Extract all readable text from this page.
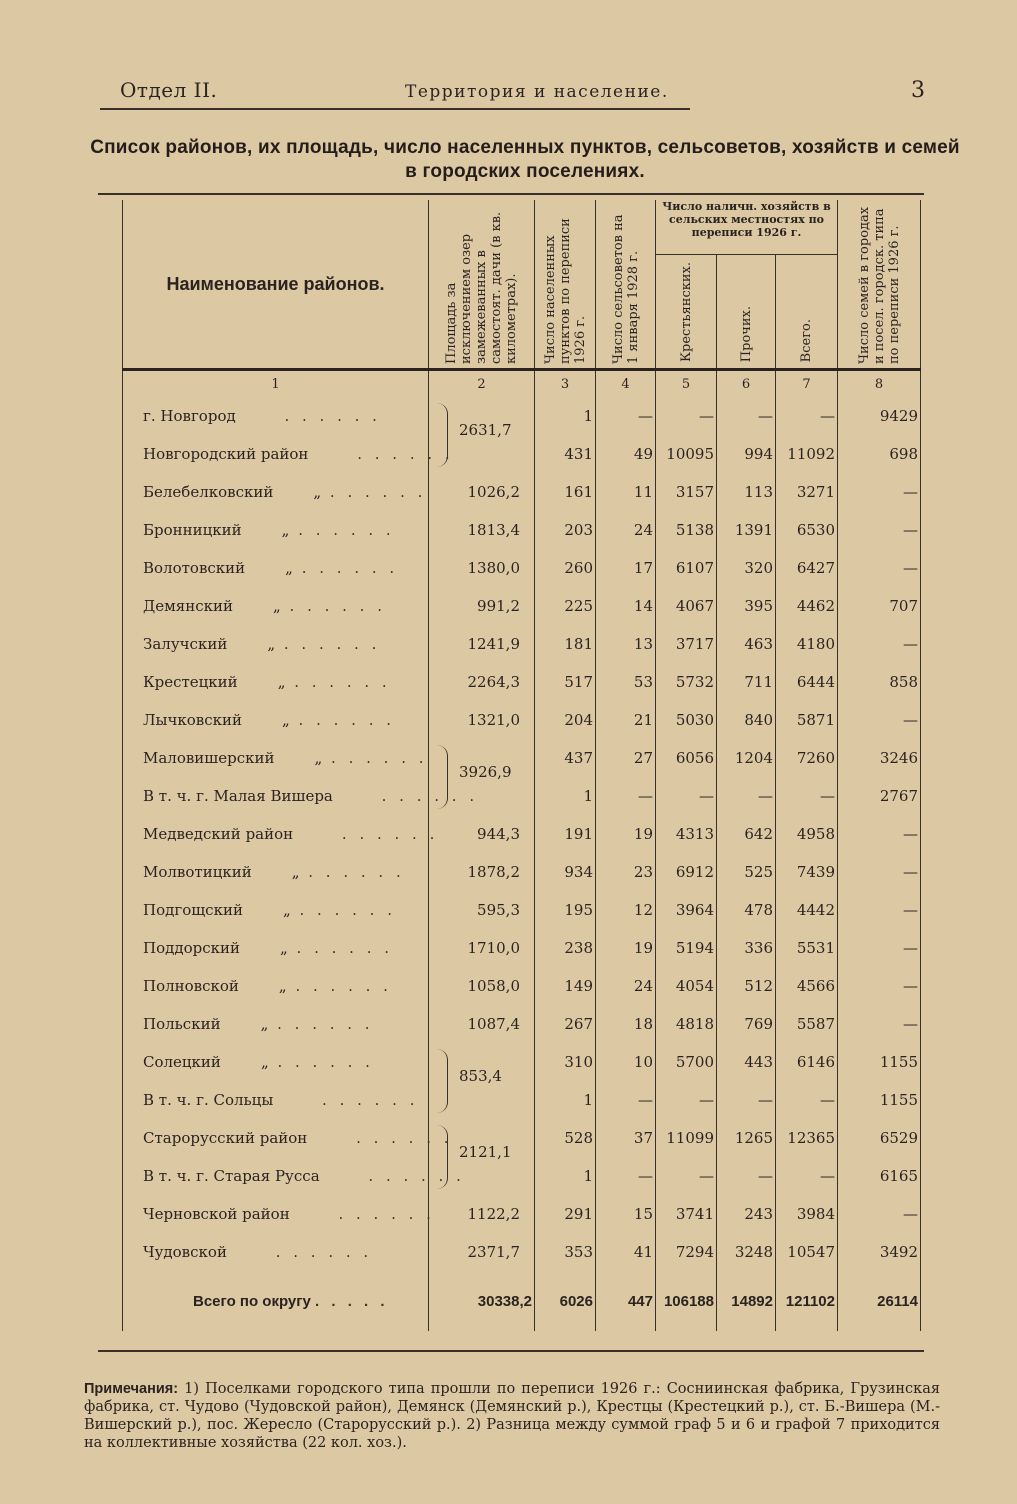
Отдел II.	Территория и население.	3
Список районов, их площадь, число населенных пунктов, сельсоветов, хозяйств и семей в городских поселениях.
Наименование районов.	Площадь за исключением озер замежеванных в самостоят. дачи (в кв. километрах).	Число населенных пунктов по переписи 1926 г.	Число сельсоветов на 1 января 1928 г.	Число наличн. хозяйств в сельских местностях по переписи 1926 г.			Число семей в городах и посел. городск. типа по переписи 1926 г.

				Крестьянских.	Прочих.	Всего.	

1	2	3	4	5	6	7	8
г. Новгород . . . . . .	2631,7	1	—	—	—	—	9429
Новгородский район . . . . . .		431	49	10095	994	11092	698
Белебелковский „ . . . . . .	1026,2	161	11	3157	113	3271	—
Бронницкий „ . . . . . .	1813,4	203	24	5138	1391	6530	—
Волотовский „ . . . . . .	1380,0	260	17	6107	320	6427	—
Демянский „ . . . . . .	991,2	225	14	4067	395	4462	707
Залучский „ . . . . . .	1241,9	181	13	3717	463	4180	—
Крестецкий „ . . . . . .	2264,3	517	53	5732	711	6444	858
Лычковский „ . . . . . .	1321,0	204	21	5030	840	5871	—
Маловишерский „ . . . . . .	3926,9	437	27	6056	1204	7260	3246
В т. ч. г. Малая Вишера . . . . . .		1	—	—	—	—	2767
Медведский район . . . . . .	944,3	191	19	4313	642	4958	—
Молвотицкий „ . . . . . .	1878,2	934	23	6912	525	7439	—
Подгощский „ . . . . . .	595,3	195	12	3964	478	4442	—
Поддорский „ . . . . . .	1710,0	238	19	5194	336	5531	—
Полновской „ . . . . . .	1058,0	149	24	4054	512	4566	—
Польский „ . . . . . .	1087,4	267	18	4818	769	5587	—
Солецкий „ . . . . . .	853,4	310	10	5700	443	6146	1155
В т. ч. г. Сольцы . . . . . .		1	—	—	—	—	1155
Старорусский район . . . . . .	2121,1	528	37	11099	1265	12365	6529
В т. ч. г. Старая Русса . . . . . .		1	—	—	—	—	6165
Черновской район . . . . . .	1122,2	291	15	3741	243	3984	—
Чудовской . . . . . .	2371,7	353	41	7294	3248	10547	3492
Всего по округу . . . . .	30338,2	6026	447	106188	14892	121102	26114
Примечания: 1) Поселками городского типа прошли по переписи 1926 г.: Сосниинская фабрика, Грузинская фабрика, ст. Чудово (Чудовской район), Демянск (Демянский р.), Крестцы (Крестецкий р.), ст. Б.-Вишера (М.-Вишерский р.), пос. Жересло (Старорусский р.). 2) Разница между суммой граф 5 и 6 и графой 7 приходится на коллективные хозяйства (22 кол. хоз.).
